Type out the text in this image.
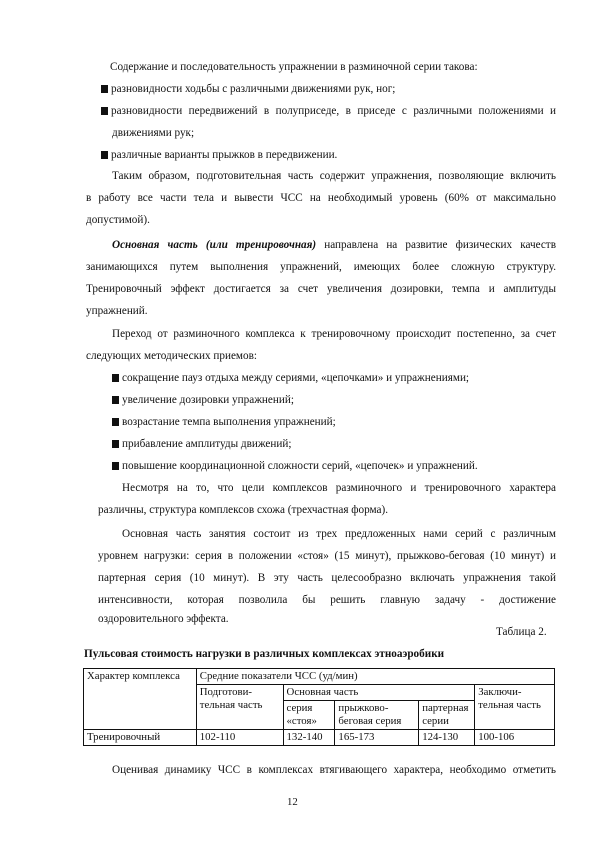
Содержание и последовательность упражнении в разминочной серии такова:
разновидности ходьбы с различными движениями рук, ног;
разновидности передвижений в полуприседе, в приседе с различными положениями и
движениями рук;
различные варианты прыжков в передвижении.
Таким образом, подготовительная часть содержит упражнения, позволяющие включить
в работу все части тела и вывести ЧСС на необходимый уровень (60% от максимально
допустимой).
Основная часть (или тренировочная) направлена на развитие физических качеств
занимающихся путем выполнения упражнений, имеющих более сложную структуру.
Тренировочный эффект достигается за счет увеличения дозировки, темпа и амплитуды
упражнений.
Переход от разминочного комплекса к тренировочному происходит постепенно, за счет
следующих методических приемов:
сокращение пауз отдыха между сериями, «цепочками» и упражнениями;
увеличение дозировки упражнений;
возрастание темпа выполнения упражнений;
прибавление амплитуды движений;
повышение координационной сложности серий, «цепочек» и упражнений.
Несмотря на то, что цели комплексов разминочного и тренировочного характера
различны, структура комплексов схожа (трехчастная форма).
Основная часть занятия состоит из трех предложенных нами серий с различным
уровнем нагрузки: серия в положении «стоя» (15 минут), прыжково-беговая (10 минут) и
партерная серия (10 минут). В эту часть целесообразно включать упражнения такой
интенсивности, которая позволила бы решить главную задачу - достижение
оздоровительного эффекта.
Таблица 2.
Пульсовая стоимость нагрузки в различных комплексах этноаэробики
Характер комплекса	Средние показатели ЧСС (уд/мин)				
	Подготови-тельная часть	Основная часть			Заключи-тельная часть
		серия «стоя»	прыжково-беговая серия	партерная серии	
Тренировочный	102-110	132-140	165-173	124-130	100-106
Оценивая динамику ЧСС в комплексах втягивающего характера, необходимо отметить
12
